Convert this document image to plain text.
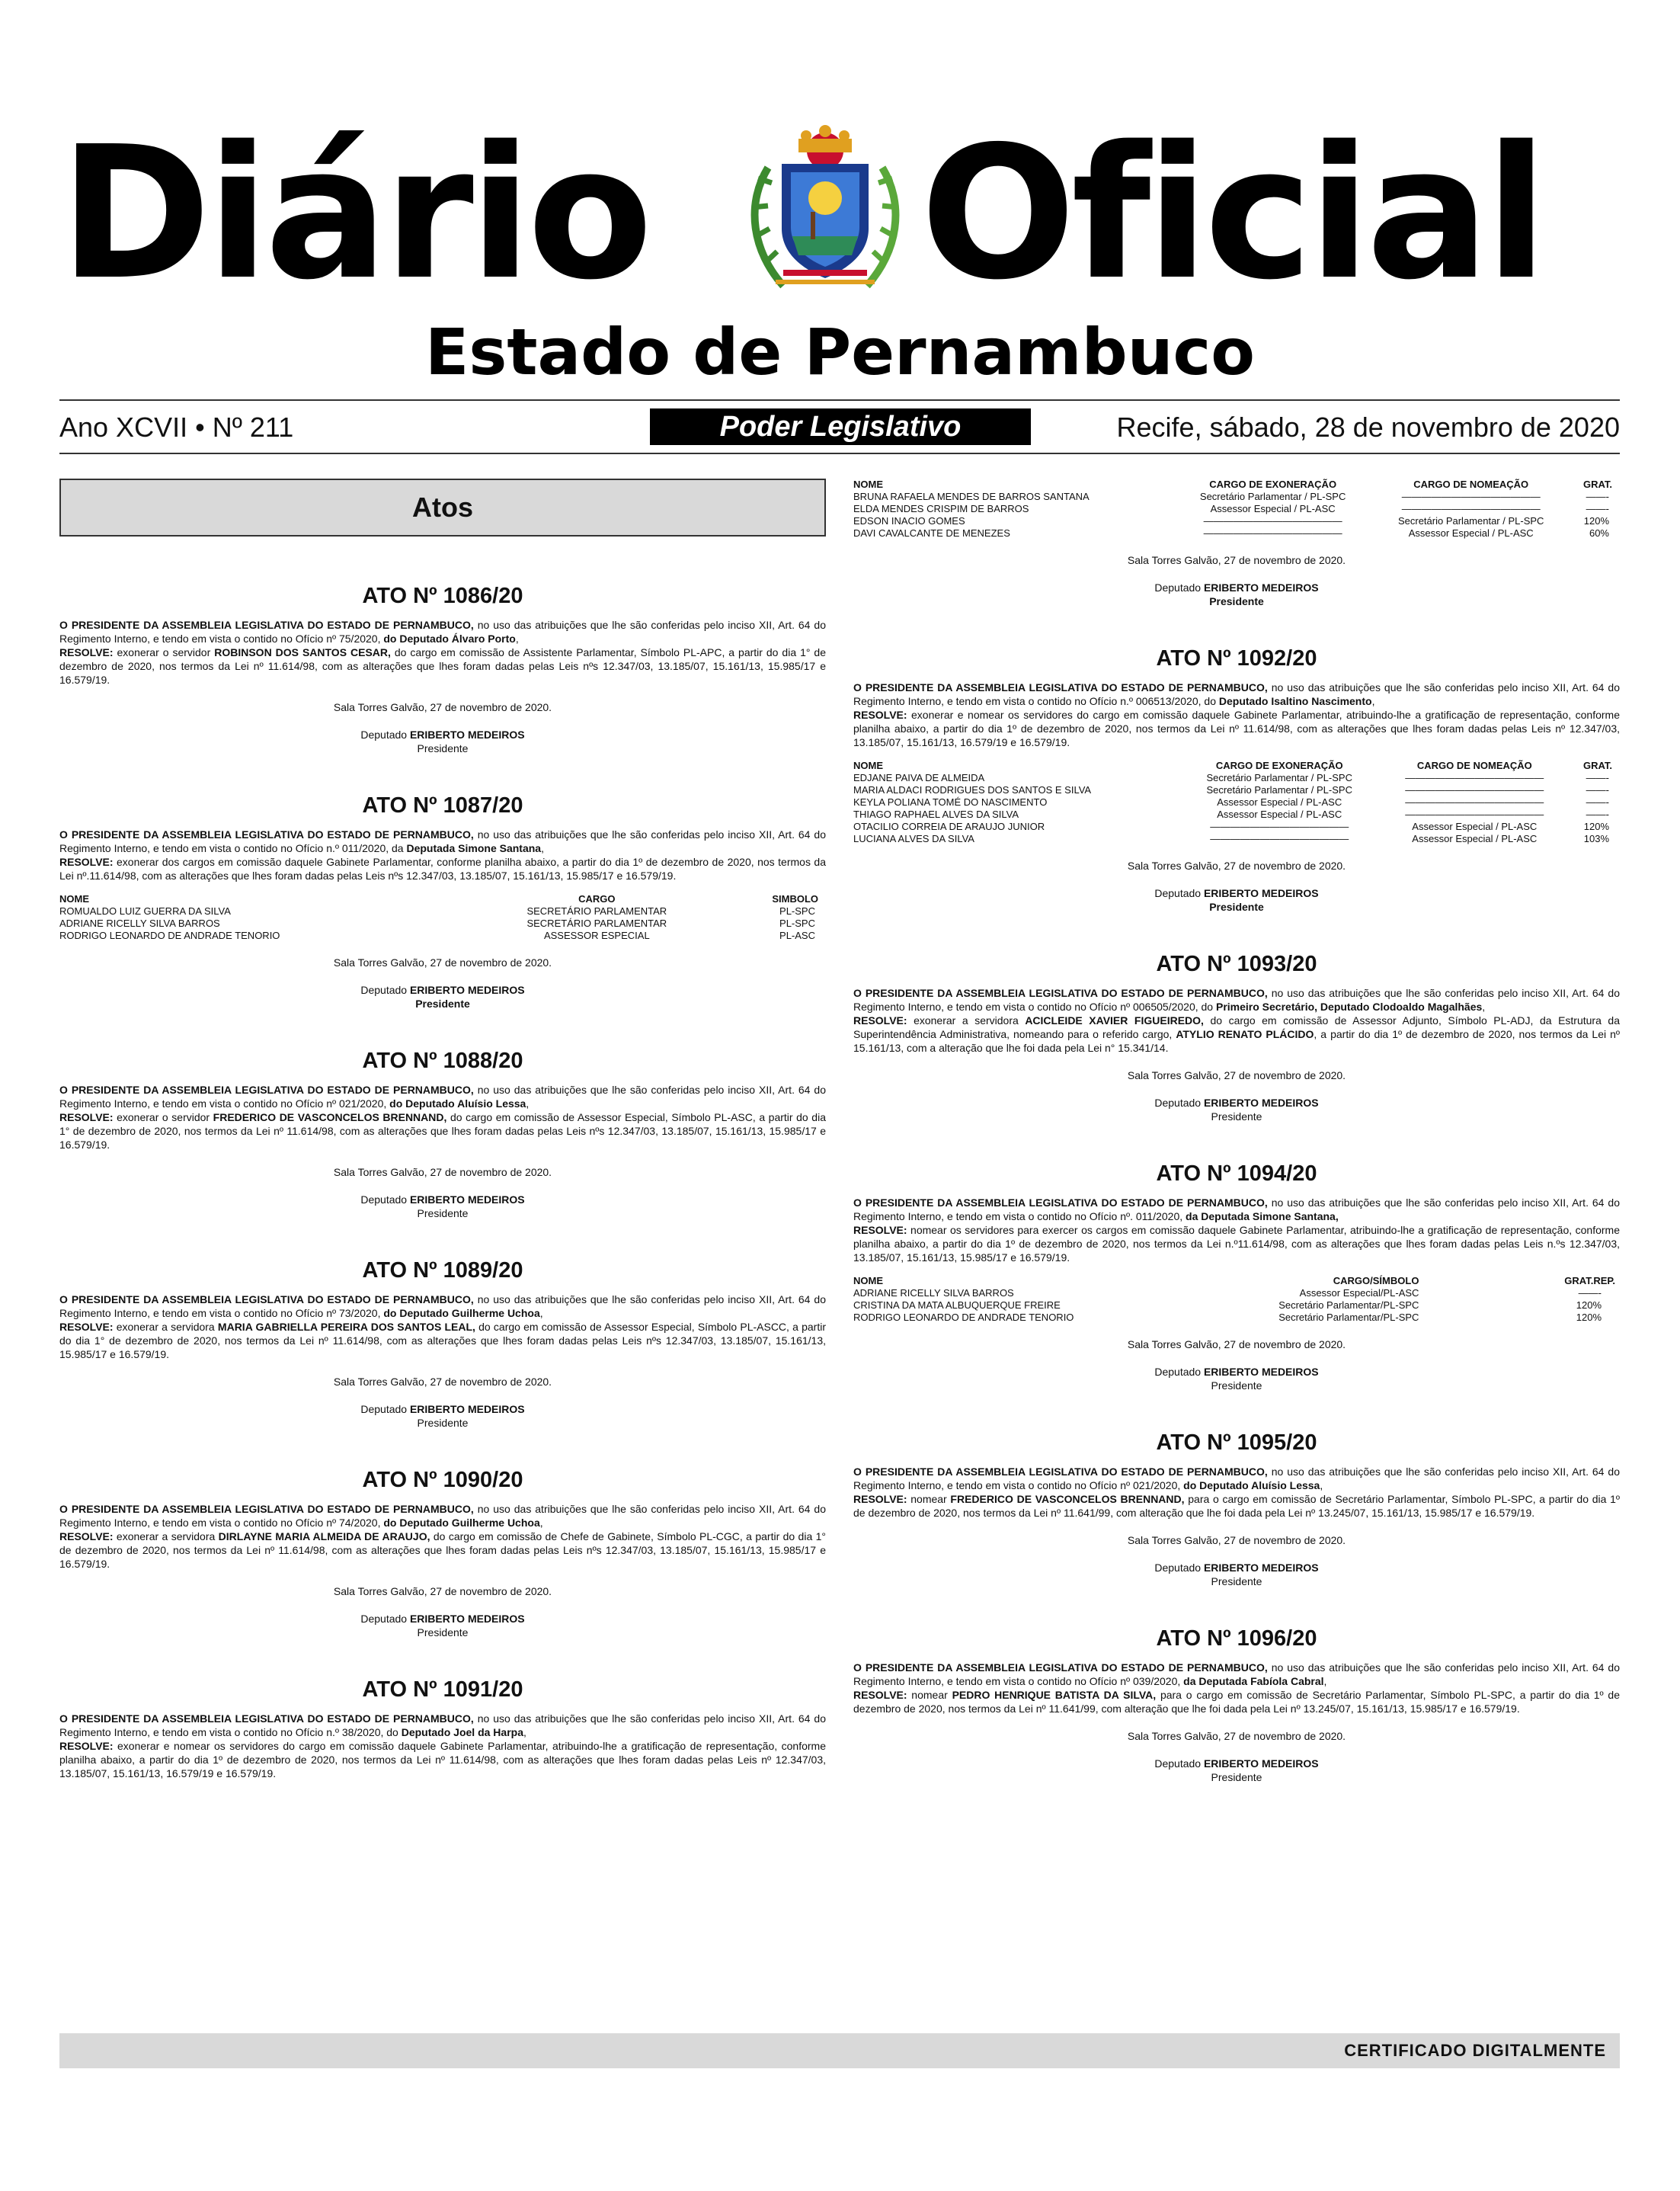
Diário Oficial
Estado de Pernambuco
Ano XCVII • Nº 211	Poder Legislativo	Recife, sábado, 28 de novembro de 2020
Atos
ATO Nº 1086/20

O PRESIDENTE DA ASSEMBLEIA LEGISLATIVA DO ESTADO DE PERNAMBUCO, no uso das atribuições que lhe são conferidas pelo inciso XII, Art. 64 do Regimento Interno, e tendo em vista o contido no Ofício nº 75/2020, do Deputado Álvaro Porto,
RESOLVE: exonerar o servidor ROBINSON DOS SANTOS CESAR, do cargo em comissão de Assistente Parlamentar, Símbolo PL-APC, a partir do dia 1° de dezembro de 2020, nos termos da Lei nº 11.614/98, com as alterações que lhes foram dadas pelas Leis nºs 12.347/03, 13.185/07, 15.161/13, 15.985/17 e 16.579/19.

Sala Torres Galvão, 27 de novembro de 2020.

Deputado ERIBERTO MEDEIROS

Presidente

ATO Nº 1087/20

O PRESIDENTE DA ASSEMBLEIA LEGISLATIVA DO ESTADO DE PERNAMBUCO, no uso das atribuições que lhe são conferidas pelo inciso XII, Art. 64 do Regimento Interno, e tendo em vista o contido no Ofício n.º 011/2020, da Deputada Simone Santana,
RESOLVE: exonerar dos cargos em comissão daquele Gabinete Parlamentar, conforme planilha abaixo, a partir do dia 1º de dezembro de 2020, nos termos da Lei nº.11.614/98, com as alterações que lhes foram dadas pelas Leis nºs 12.347/03, 13.185/07, 15.161/13, 15.985/17 e 16.579/19.

NOME	CARGO	SIMBOLO
ROMUALDO LUIZ GUERRA DA SILVA	SECRETÁRIO PARLAMENTAR	PL-SPC
ADRIANE RICELLY SILVA BARROS	SECRETÁRIO PARLAMENTAR	PL-SPC
RODRIGO LEONARDO DE ANDRADE TENORIO	ASSESSOR ESPECIAL	PL-ASC

Sala Torres Galvão, 27 de novembro de 2020.

Deputado ERIBERTO MEDEIROS

Presidente

ATO Nº 1088/20

O PRESIDENTE DA ASSEMBLEIA LEGISLATIVA DO ESTADO DE PERNAMBUCO, no uso das atribuições que lhe são conferidas pelo inciso XII, Art. 64 do Regimento Interno, e tendo em vista o contido no Ofício nº 021/2020, do Deputado Aluísio Lessa,
RESOLVE: exonerar o servidor FREDERICO DE VASCONCELOS BRENNAND, do cargo em comissão de Assessor Especial, Símbolo PL-ASC, a partir do dia 1° de dezembro de 2020, nos termos da Lei nº 11.614/98, com as alterações que lhes foram dadas pelas Leis nºs 12.347/03, 13.185/07, 15.161/13, 15.985/17 e 16.579/19.

Sala Torres Galvão, 27 de novembro de 2020.

Deputado ERIBERTO MEDEIROS

Presidente

ATO Nº 1089/20

O PRESIDENTE DA ASSEMBLEIA LEGISLATIVA DO ESTADO DE PERNAMBUCO, no uso das atribuições que lhe são conferidas pelo inciso XII, Art. 64 do Regimento Interno, e tendo em vista o contido no Ofício nº 73/2020, do Deputado Guilherme Uchoa,
RESOLVE: exonerar a servidora MARIA GABRIELLA PEREIRA DOS SANTOS LEAL, do cargo em comissão de Assessor Especial, Símbolo PL-ASCC, a partir do dia 1° de dezembro de 2020, nos termos da Lei nº 11.614/98, com as alterações que lhes foram dadas pelas Leis nºs 12.347/03, 13.185/07, 15.161/13, 15.985/17 e 16.579/19.

Sala Torres Galvão, 27 de novembro de 2020.

Deputado ERIBERTO MEDEIROS

Presidente

ATO Nº 1090/20

O PRESIDENTE DA ASSEMBLEIA LEGISLATIVA DO ESTADO DE PERNAMBUCO, no uso das atribuições que lhe são conferidas pelo inciso XII, Art. 64 do Regimento Interno, e tendo em vista o contido no Ofício nº 74/2020, do Deputado Guilherme Uchoa,
RESOLVE: exonerar a servidora DIRLAYNE MARIA ALMEIDA DE ARAUJO, do cargo em comissão de Chefe de Gabinete, Símbolo PL-CGC, a partir do dia 1° de dezembro de 2020, nos termos da Lei nº 11.614/98, com as alterações que lhes foram dadas pelas Leis nºs 12.347/03, 13.185/07, 15.161/13, 15.985/17 e 16.579/19.

Sala Torres Galvão, 27 de novembro de 2020.

Deputado ERIBERTO MEDEIROS

Presidente

ATO Nº 1091/20

O PRESIDENTE DA ASSEMBLEIA LEGISLATIVA DO ESTADO DE PERNAMBUCO, no uso das atribuições que lhe são conferidas pelo inciso XII, Art. 64 do Regimento Interno, e tendo em vista o contido no Ofício n.º 38/2020, do Deputado Joel da Harpa,
RESOLVE: exonerar e nomear os servidores do cargo em comissão daquele Gabinete Parlamentar, atribuindo-lhe a gratificação de representação, conforme planilha abaixo, a partir do dia 1º de dezembro de 2020, nos termos da Lei nº 11.614/98, com as alterações que lhes foram dadas pelas Leis nº 12.347/03, 13.185/07, 15.161/13, 16.579/19 e 16.579/19.

NOME	CARGO DE EXONERAÇÃO	CARGO DE NOMEAÇÃO	GRAT.
BRUNA RAFAELA MENDES DE BARROS SANTANA	Secretário Parlamentar / PL-SPC	——————————————	——-
ELDA MENDES CRISPIM DE BARROS	Assessor Especial / PL-ASC	——————————————	——-
EDSON INACIO GOMES	——————————————	Secretário Parlamentar / PL-SPC	120%
DAVI CAVALCANTE DE MENEZES	——————————————	Assessor Especial / PL-ASC	60%

Sala Torres Galvão, 27 de novembro de 2020.

Deputado ERIBERTO MEDEIROS

Presidente

ATO Nº 1092/20

O PRESIDENTE DA ASSEMBLEIA LEGISLATIVA DO ESTADO DE PERNAMBUCO, no uso das atribuições que lhe são conferidas pelo inciso XII, Art. 64 do Regimento Interno, e tendo em vista o contido no Ofício n.º 006513/2020, do Deputado Isaltino Nascimento,
RESOLVE: exonerar e nomear os servidores do cargo em comissão daquele Gabinete Parlamentar, atribuindo-lhe a gratificação de representação, conforme planilha abaixo, a partir do dia 1º de dezembro de 2020, nos termos da Lei nº 11.614/98, com as alterações que lhes foram dadas pelas Leis nº 12.347/03, 13.185/07, 15.161/13, 16.579/19 e 16.579/19.

NOME	CARGO DE EXONERAÇÃO	CARGO DE NOMEAÇÃO	GRAT.
EDJANE PAIVA DE ALMEIDA	Secretário Parlamentar / PL-SPC	——————————————	——-
MARIA ALDACI RODRIGUES DOS SANTOS E SILVA	Secretário Parlamentar / PL-SPC	——————————————	——-
KEYLA POLIANA TOMÉ DO NASCIMENTO	Assessor Especial / PL-ASC	——————————————	——-
THIAGO RAPHAEL ALVES DA SILVA	Assessor Especial / PL-ASC	——————————————	——-
OTACILIO CORREIA DE ARAUJO JUNIOR	——————————————	Assessor Especial / PL-ASC	120%
LUCIANA ALVES DA SILVA	——————————————	Assessor Especial / PL-ASC	103%

Sala Torres Galvão, 27 de novembro de 2020.

Deputado ERIBERTO MEDEIROS

Presidente

ATO Nº 1093/20

O PRESIDENTE DA ASSEMBLEIA LEGISLATIVA DO ESTADO DE PERNAMBUCO, no uso das atribuições que lhe são conferidas pelo inciso XII, Art. 64 do Regimento Interno, e tendo em vista o contido no Ofício nº 006505/2020, do Primeiro Secretário, Deputado Clodoaldo Magalhães,
RESOLVE: exonerar a servidora ACICLEIDE XAVIER FIGUEIREDO, do cargo em comissão de Assessor Adjunto, Símbolo PL-ADJ, da Estrutura da Superintendência Administrativa, nomeando para o referido cargo, ATYLIO RENATO PLÁCIDO, a partir do dia 1º de dezembro de 2020, nos termos da Lei nº 15.161/13, com a alteração que lhe foi dada pela Lei n° 15.341/14.

Sala Torres Galvão, 27 de novembro de 2020.

Deputado ERIBERTO MEDEIROS

Presidente

ATO Nº 1094/20

O PRESIDENTE DA ASSEMBLEIA LEGISLATIVA DO ESTADO DE PERNAMBUCO, no uso das atribuições que lhe são conferidas pelo inciso XII, Art. 64 do Regimento Interno, e tendo em vista o contido no Ofício nº. 011/2020, da Deputada Simone Santana,
RESOLVE: nomear os servidores para exercer os cargos em comissão daquele Gabinete Parlamentar, atribuindo-lhe a gratificação de representação, conforme planilha abaixo, a partir do dia 1º de dezembro de 2020, nos termos da Lei n.º11.614/98, com as alterações que lhes foram dadas pelas Leis n.ºs 12.347/03, 13.185/07, 15.161/13, 15.985/17 e 16.579/19.

NOME	CARGO/SÍMBOLO	GRAT.REP.
ADRIANE RICELLY SILVA BARROS	Assessor Especial/PL-ASC	——-
CRISTINA DA MATA ALBUQUERQUE FREIRE	Secretário Parlamentar/PL-SPC	120%
RODRIGO LEONARDO DE ANDRADE TENORIO	Secretário Parlamentar/PL-SPC	120%

Sala Torres Galvão, 27 de novembro de 2020.

Deputado ERIBERTO MEDEIROS

Presidente

ATO Nº 1095/20

O PRESIDENTE DA ASSEMBLEIA LEGISLATIVA DO ESTADO DE PERNAMBUCO, no uso das atribuições que lhe são conferidas pelo inciso XII, Art. 64 do Regimento Interno, e tendo em vista o contido no Ofício nº 021/2020, do Deputado Aluísio Lessa,
RESOLVE: nomear FREDERICO DE VASCONCELOS BRENNAND, para o cargo em comissão de Secretário Parlamentar, Símbolo PL-SPC, a partir do dia 1º de dezembro de 2020, nos termos da Lei nº 11.641/99, com alteração que lhe foi dada pela Lei nº 13.245/07, 15.161/13, 15.985/17 e 16.579/19.

Sala Torres Galvão, 27 de novembro de 2020.

Deputado ERIBERTO MEDEIROS

Presidente

ATO Nº 1096/20

O PRESIDENTE DA ASSEMBLEIA LEGISLATIVA DO ESTADO DE PERNAMBUCO, no uso das atribuições que lhe são conferidas pelo inciso XII, Art. 64 do Regimento Interno, e tendo em vista o contido no Ofício nº 039/2020, da Deputada Fabíola Cabral,
RESOLVE: nomear PEDRO HENRIQUE BATISTA DA SILVA, para o cargo em comissão de Secretário Parlamentar, Símbolo PL-SPC, a partir do dia 1º de dezembro de 2020, nos termos da Lei nº 11.641/99, com alteração que lhe foi dada pela Lei nº 13.245/07, 15.161/13, 15.985/17 e 16.579/19.

Sala Torres Galvão, 27 de novembro de 2020.

Deputado ERIBERTO MEDEIROS

Presidente

CERTIFICADO DIGITALMENTE
